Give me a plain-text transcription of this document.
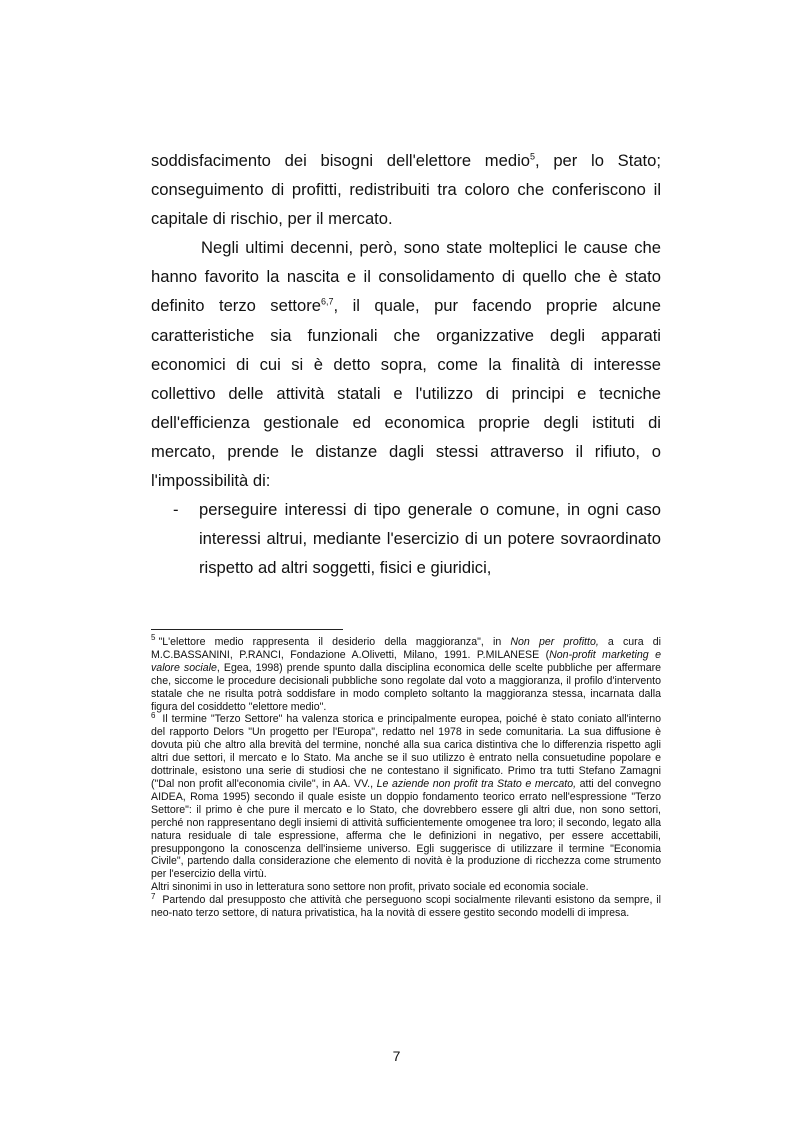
soddisfacimento dei bisogni dell'elettore medio$^5$, per lo Stato; conseguimento di profitti, redistribuiti tra coloro che conferiscono il capitale di rischio, per il mercato.

Negli ultimi decenni, però, sono state molteplici le cause che hanno favorito la nascita e il consolidamento di quello che è stato definito terzo settore$^{6,7}$, il quale, pur facendo proprie alcune caratteristiche sia funzionali che organizzative degli apparati economici di cui si è detto sopra, come la finalità di interesse collettivo delle attività statali e l'utilizzo di principi e tecniche dell'efficienza gestionale ed economica proprie degli istituti di mercato, prende le distanze dagli stessi attraverso il rifiuto, o l'impossibilità di:

-	perseguire interessi di tipo generale o comune, in ogni caso interessi altrui, mediante l'esercizio di un potere sovraordinato rispetto ad altri soggetti, fisici e giuridici,

$^5$ "L'elettore medio rappresenta il desiderio della maggioranza", in Non per profitto, a cura di M.C.BASSANINI, P.RANCI, Fondazione A.Olivetti, Milano, 1991. P.MILANESE (Non-profit marketing e valore sociale, Egea, 1998) prende spunto dalla disciplina economica delle scelte pubbliche per affermare che, siccome le procedure decisionali pubbliche sono regolate dal voto a maggioranza, il profilo d'intervento statale che ne risulta potrà soddisfare in modo completo soltanto la maggioranza stessa, incarnata dalla figura del cosiddetto "elettore medio".

$^6$ Il termine "Terzo Settore" ha valenza storica e principalmente europea, poiché è stato coniato all'interno del rapporto Delors "Un progetto per l'Europa", redatto nel 1978 in sede comunitaria. La sua diffusione è dovuta più che altro alla brevità del termine, nonché alla sua carica distintiva che lo differenzia rispetto agli altri due settori, il mercato e lo Stato. Ma anche se il suo utilizzo è entrato nella consuetudine popolare e dottrinale, esistono una serie di studiosi che ne contestano il significato. Primo tra tutti Stefano Zamagni ("Dal non profit all'economia civile", in AA. VV., Le aziende non profit tra Stato e mercato, atti del convegno AIDEA, Roma 1995) secondo il quale esiste un doppio fondamento teorico errato nell'espressione "Terzo Settore": il primo è che pure il mercato e lo Stato, che dovrebbero essere gli altri due, non sono settori, perché non rappresentano degli insiemi di attività sufficientemente omogenee tra loro; il secondo, legato alla natura residuale di tale espressione, afferma che le definizioni in negativo, per essere accettabili, presuppongono la conoscenza dell'insieme universo. Egli suggerisce di utilizzare il termine "Economia Civile", partendo dalla considerazione che elemento di novità è la produzione di ricchezza come strumento per l'esercizio della virtù.

Altri sinonimi in uso in letteratura sono settore non profit, privato sociale ed economia sociale.

$^7$ Partendo dal presupposto che attività che perseguono scopi socialmente rilevanti esistono da sempre, il neo-nato terzo settore, di natura privatistica, ha la novità di essere gestito secondo modelli di impresa.

7
